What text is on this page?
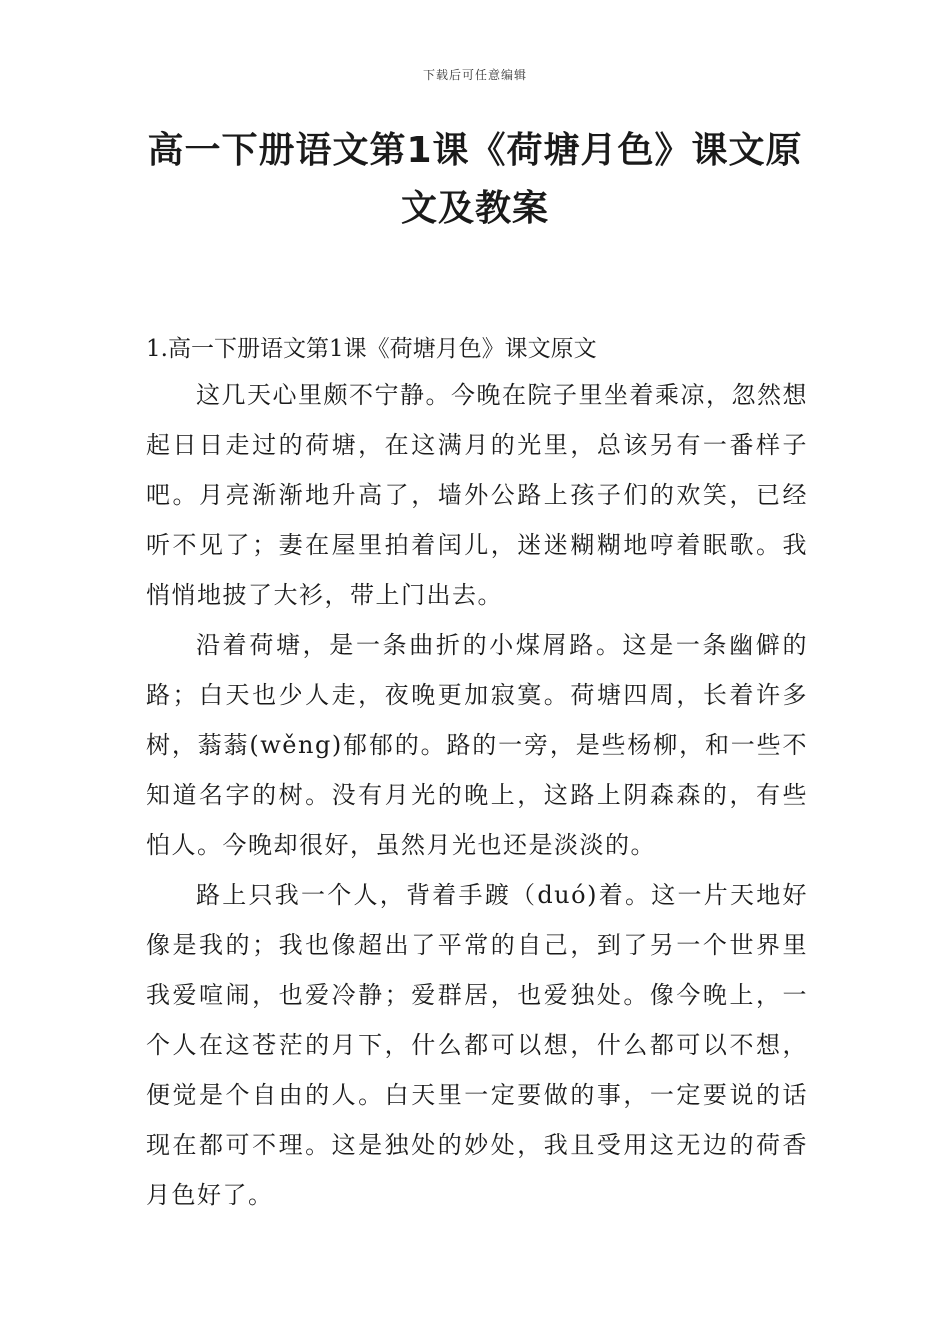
下载后可任意编辑
高一下册语文第1课《荷塘月色》课文原文及教案

1.高一下册语文第1课《荷塘月色》课文原文

这几天心里颇不宁静。今晚在院子里坐着乘凉，忽然想起日日走过的荷塘，在这满月的光里，总该另有一番样子吧。月亮渐渐地升高了，墙外公路上孩子们的欢笑，已经听不见了；妻在屋里拍着闰儿，迷迷糊糊地哼着眠歌。我悄悄地披了大衫，带上门出去。

沿着荷塘，是一条曲折的小煤屑路。这是一条幽僻的路；白天也少人走，夜晚更加寂寞。荷塘四周，长着许多树，蓊蓊(wěng)郁郁的。路的一旁，是些杨柳，和一些不知道名字的树。没有月光的晚上，这路上阴森森的，有些怕人。今晚却很好，虽然月光也还是淡淡的。

路上只我一个人，背着手踱（duó)着。这一片天地好像是我的；我也像超出了平常的自己，到了另一个世界里我爱喧闹，也爱冷静；爱群居，也爱独处。像今晚上，一个人在这苍茫的月下，什么都可以想，什么都可以不想，便觉是个自由的人。白天里一定要做的事，一定要说的话现在都可不理。这是独处的妙处，我且受用这无边的荷香月色好了。
